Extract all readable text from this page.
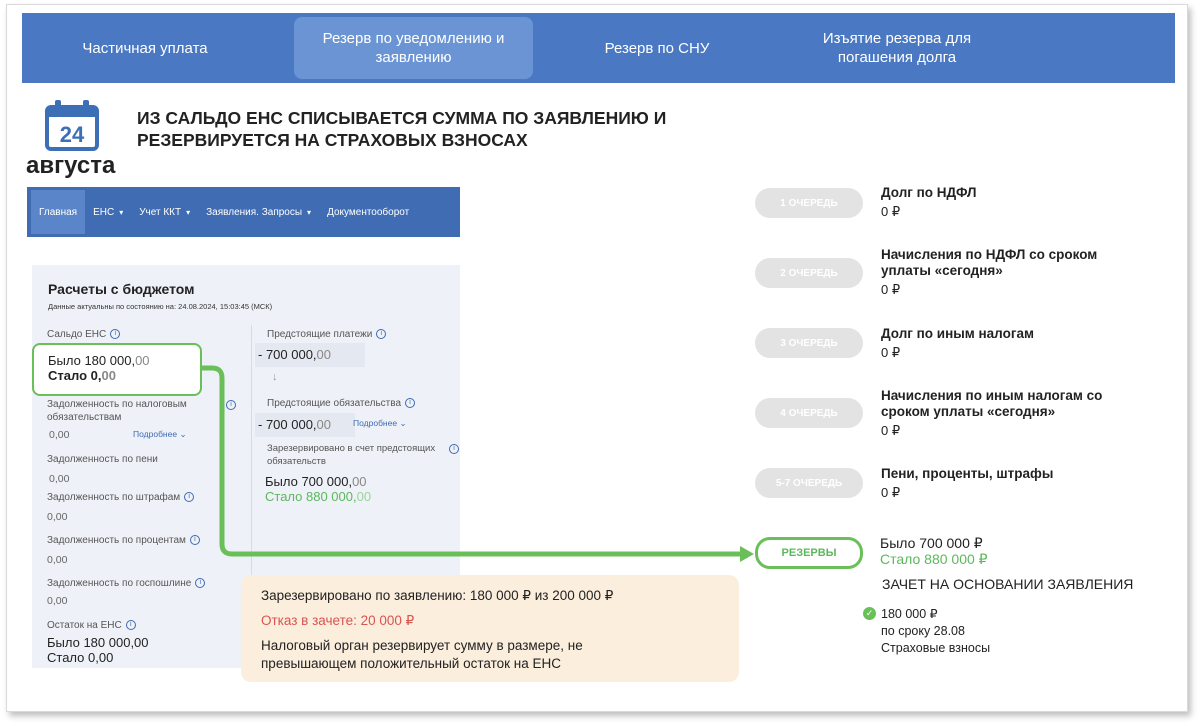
Частичная уплата
Резерв по уведомлению и заявлению
Резерв по СНУ
Изъятие резерва для погашения долга
24
августа
ИЗ САЛЬДО ЕНС СПИСЫВАЕТСЯ СУММА ПО ЗАЯВЛЕНИЮ И РЕЗЕРВИРУЕТСЯ НА СТРАХОВЫХ ВЗНОСАХ
Главная	ЕНС ▾ Учет ККТ ▾ Заявления. Запросы ▾	Документооборот
Расчеты с бюджетом
Данные актуальны по состоянию на: 24.08.2024, 15:03:45 (МСК)
Сальдо ЕНС i
Задолженность по налоговым обязательствам
i
0,00	Подробнее ⌄
Задолженность по пени
0,00
Задолженность по штрафам i
0,00
Задолженность по процентам i
0,00
Задолженность по госпошлине i
0,00
Остаток на ЕНС i
Было 180 000,00
Стало 0,00
Предстоящие платежи i
- 700 000,00
↓
Предстоящие обязательства i
- 700 000,00	Подробнее ⌄
Зарезервировано в счет предстоящих обязательств
i
Было 700 000,00
Стало 880 000,00
Было 180 000,00
Стало 0,00
Зарезервировано по заявлению: 180 000 ₽ из 200 000 ₽
Отказ в зачете: 20 000 ₽
Налоговый орган резервирует сумму в размере, не превышающем положительный остаток на ЕНС
1 ОЧЕРЕДЬ
Долг по НДФЛ
0 ₽
2 ОЧЕРЕДЬ
Начисления по НДФЛ со сроком уплаты «сегодня»
0 ₽
3 ОЧЕРЕДЬ
Долг по иным налогам
0 ₽
4 ОЧЕРЕДЬ
Начисления по иным налогам со сроком уплаты «сегодня»
0 ₽
5-7 ОЧЕРЕДЬ
Пени, проценты, штрафы
0 ₽
РЕЗЕРВЫ
Было 700 000 ₽
Стало 880 000 ₽
ЗАЧЕТ НА ОСНОВАНИИ ЗАЯВЛЕНИЯ
✓ 180 000 ₽
по сроку 28.08
Страховые взносы
